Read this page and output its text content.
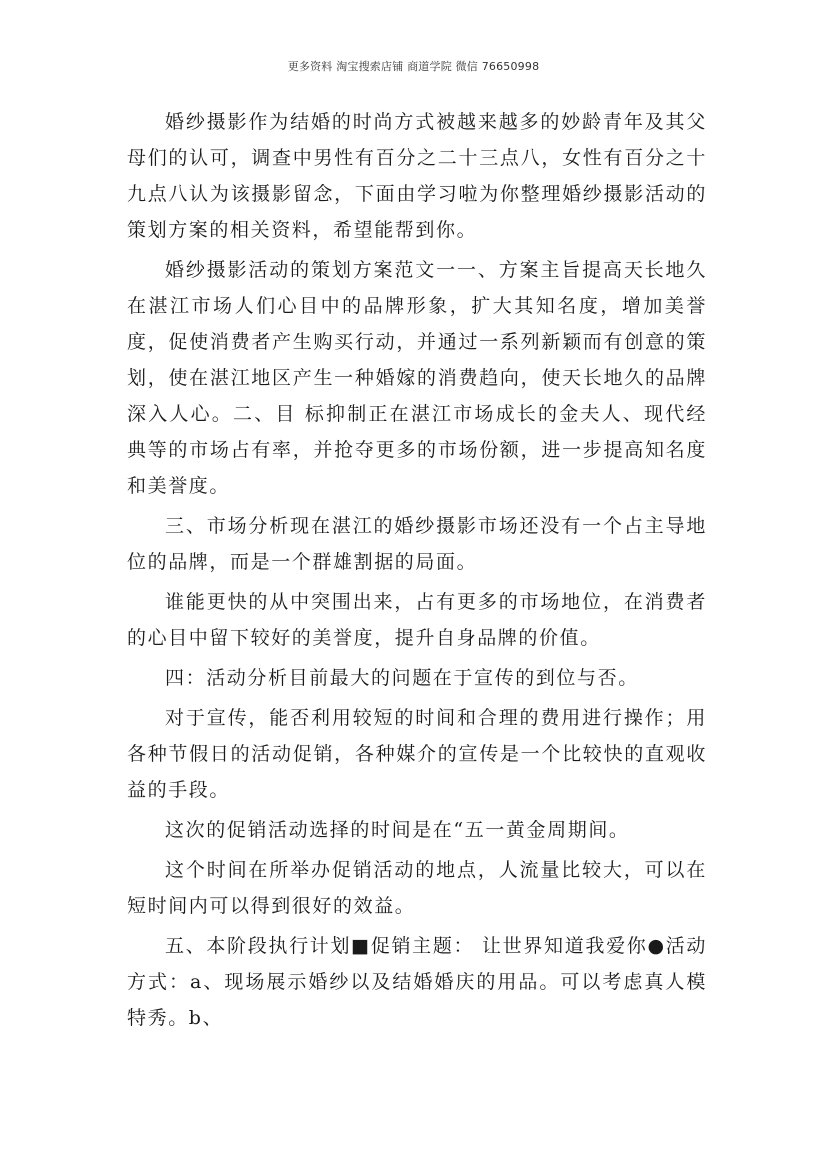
更多资料 淘宝搜索店铺 商道学院 微信 76650998

婚纱摄影作为结婚的时尚方式被越来越多的妙龄青年及其父母们的认可，调查中男性有百分之二十三点八，女性有百分之十九点八认为该摄影留念，下面由学习啦为你整理婚纱摄影活动的策划方案的相关资料，希望能帮到你。

婚纱摄影活动的策划方案范文一一、方案主旨提高天长地久在湛江市场人们心目中的品牌形象，扩大其知名度，增加美誉度，促使消费者产生购买行动，并通过一系列新颖而有创意的策划，使在湛江地区产生一种婚嫁的消费趋向，使天长地久的品牌深入人心。二、目 标抑制正在湛江市场成长的金夫人、现代经典等的市场占有率，并抢夺更多的市场份额，进一步提高知名度和美誉度。

三、市场分析现在湛江的婚纱摄影市场还没有一个占主导地位的品牌，而是一个群雄割据的局面。

谁能更快的从中突围出来，占有更多的市场地位，在消费者的心目中留下较好的美誉度，提升自身品牌的价值。

四：活动分析目前最大的问题在于宣传的到位与否。

对于宣传，能否利用较短的时间和合理的费用进行操作；用各种节假日的活动促销，各种媒介的宣传是一个比较快的直观收益的手段。

这次的促销活动选择的时间是在“五一黄金周期间。

这个时间在所举办促销活动的地点，人流量比较大，可以在短时间内可以得到很好的效益。

五、本阶段执行计划■促销主题： 让世界知道我爱你●活动方式：a、现场展示婚纱以及结婚婚庆的用品。可以考虑真人模特秀。b、
